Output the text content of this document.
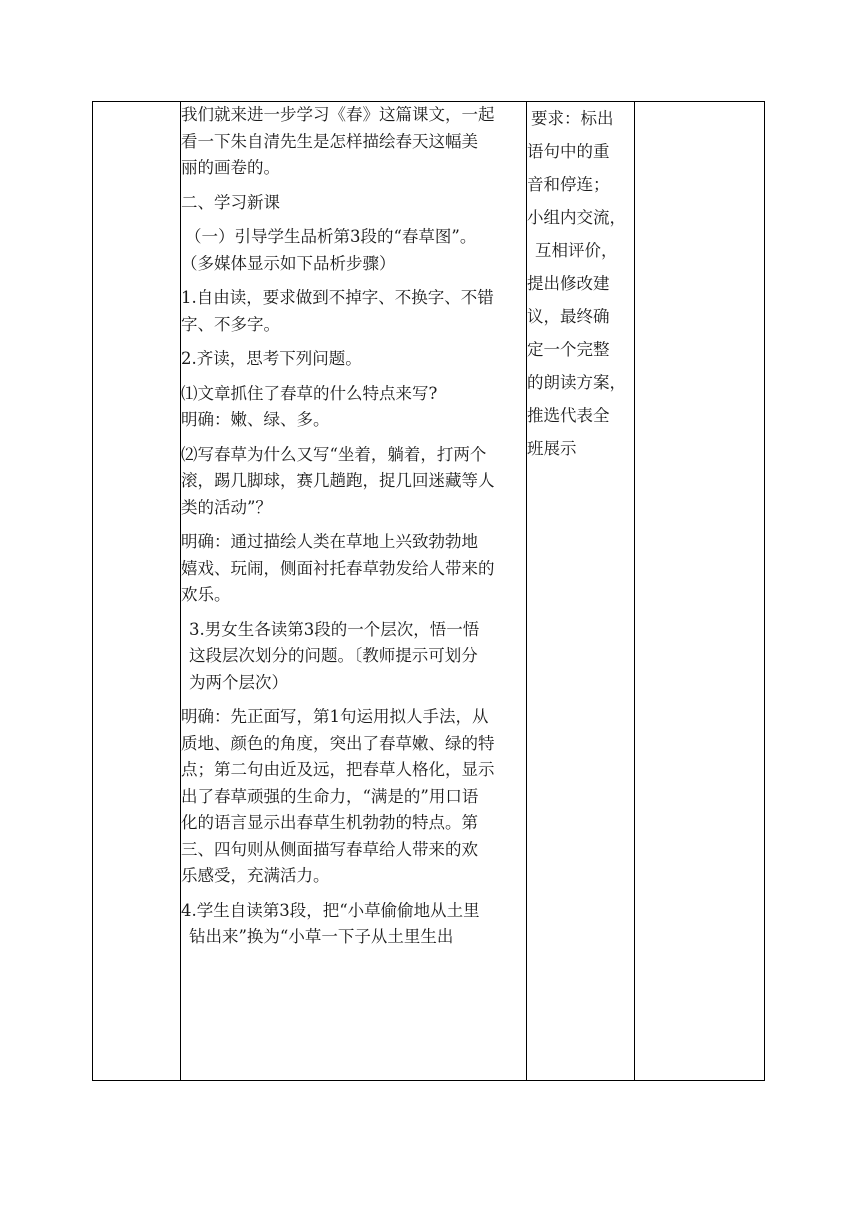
我们就来进一步学习《春》这篇课文，一起

看一下朱自清先生是怎样描绘春天这幅美

丽的画卷的。

二、学习新课

（一）引导学生品析第3段的“春草图”。

（多媒体显示如下品析步骤）

1.自由读，要求做到不掉字、不换字、不错

字、不多字。

2.齐读，思考下列问题。

⑴文章抓住了春草的什么特点来写?

明确：嫩、绿、多。

⑵写春草为什么又写“坐着，躺着，打两个

滚，踢几脚球，赛几趟跑，捉几回迷藏等人

类的活动”？

明确：通过描绘人类在草地上兴致勃勃地

嬉戏、玩闹，侧面衬托春草勃发给人带来的

欢乐。

3.男女生各读第3段的一个层次，悟一悟

这段层次划分的问题。〔教师提示可划分

为两个层次）

明确：先正面写，第1句运用拟人手法，从

质地、颜色的角度，突出了春草嫩、绿的特

点；第二句由近及远，把春草人格化，显示

出了春草顽强的生命力，“满是的”用口语

化的语言显示出春草生机勃勃的特点。第

三、四句则从侧面描写春草给人带来的欢

乐感受，充满活力。

4.学生自读第3段，把“小草偷偷地从土里

钻出来”换为“小草一下子从土里生出

要求：标出

语句中的重

音和停连；

小组内交流，

互相评价，

提出修改建

议，最终确

定一个完整

的朗读方案，

推选代表全

班展示
